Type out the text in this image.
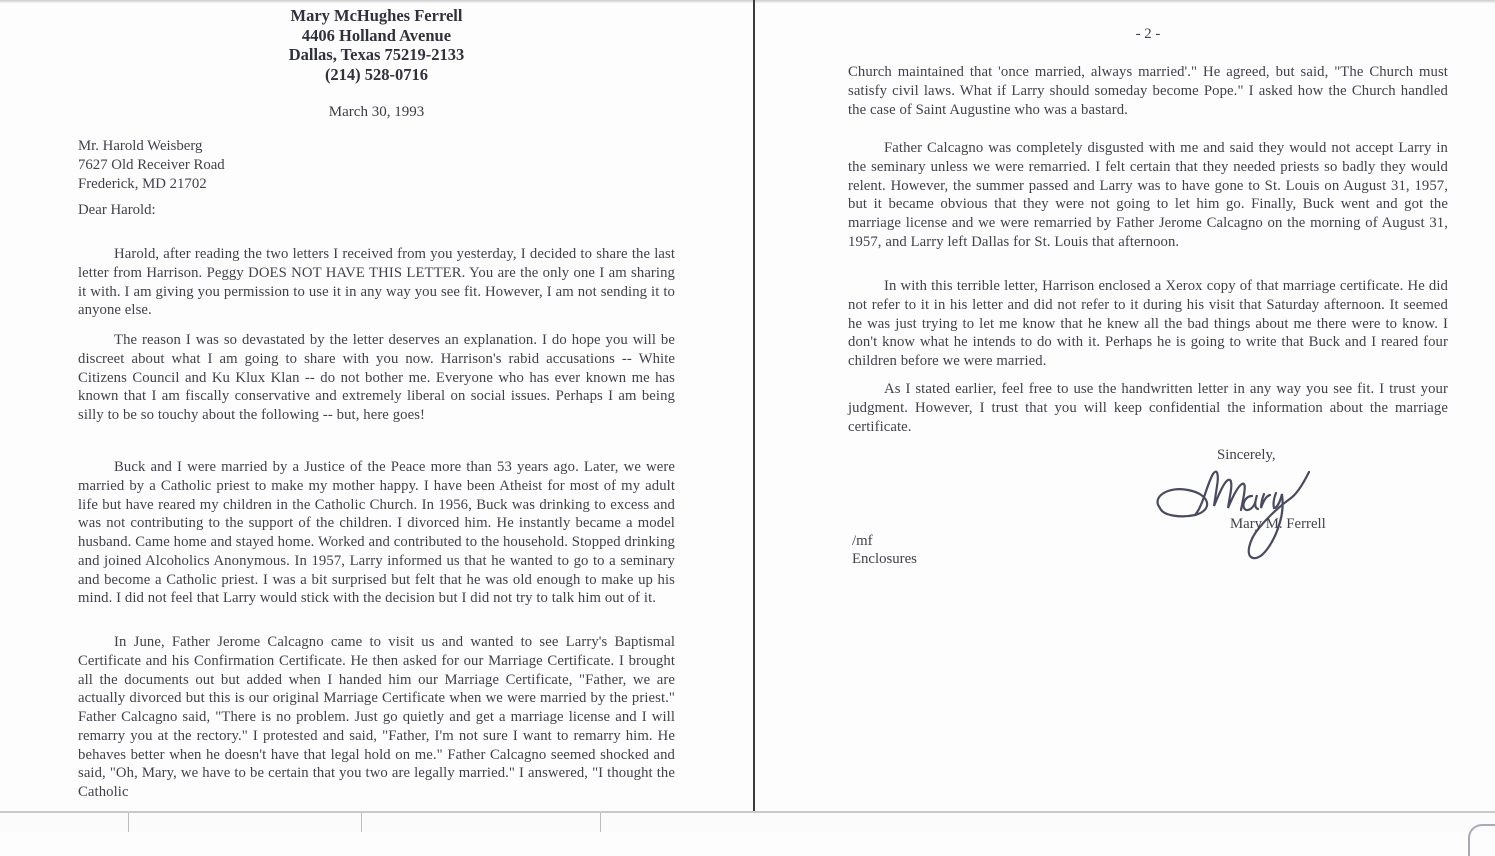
Mary McHughes Ferrell
4406 Holland Avenue
Dallas, Texas 75219-2133
(214) 528-0716
March 30, 1993
Mr. Harold Weisberg
7627 Old Receiver Road
Frederick, MD 21702
Dear Harold:

Harold, after reading the two letters I received from you yesterday, I decided to share the last letter from Harrison. Peggy DOES NOT HAVE THIS LETTER. You are the only one I am sharing it with. I am giving you permission to use it in any way you see fit. However, I am not sending it to anyone else.

The reason I was so devastated by the letter deserves an explanation. I do hope you will be discreet about what I am going to share with you now. Harrison's rabid accusations -- White Citizens Council and Ku Klux Klan -- do not bother me. Everyone who has ever known me has known that I am fiscally conservative and extremely liberal on social issues. Perhaps I am being silly to be so touchy about the following -- but, here goes!

Buck and I were married by a Justice of the Peace more than 53 years ago. Later, we were married by a Catholic priest to make my mother happy. I have been Atheist for most of my adult life but have reared my children in the Catholic Church. In 1956, Buck was drinking to excess and was not contributing to the support of the children. I divorced him. He instantly became a model husband. Came home and stayed home. Worked and contributed to the household. Stopped drinking and joined Alcoholics Anonymous. In 1957, Larry informed us that he wanted to go to a seminary and become a Catholic priest. I was a bit surprised but felt that he was old enough to make up his mind. I did not feel that Larry would stick with the decision but I did not try to talk him out of it.

In June, Father Jerome Calcagno came to visit us and wanted to see Larry's Baptismal Certificate and his Confirmation Certificate. He then asked for our Marriage Certificate. I brought all the documents out but added when I handed him our Marriage Certificate, "Father, we are actually divorced but this is our original Marriage Certificate when we were married by the priest." Father Calcagno said, "There is no problem. Just go quietly and get a marriage license and I will remarry you at the rectory." I protested and said, "Father, I'm not sure I want to remarry him. He behaves better when he doesn't have that legal hold on me." Father Calcagno seemed shocked and said, "Oh, Mary, we have to be certain that you two are legally married." I answered, "I thought the Catholic

- 2 -

Church maintained that 'once married, always married'." He agreed, but said, "The Church must satisfy civil laws. What if Larry should someday become Pope." I asked how the Church handled the case of Saint Augustine who was a bastard.

Father Calcagno was completely disgusted with me and said they would not accept Larry in the seminary unless we were remarried. I felt certain that they needed priests so badly they would relent. However, the summer passed and Larry was to have gone to St. Louis on August 31, 1957, but it became obvious that they were not going to let him go. Finally, Buck went and got the marriage license and we were remarried by Father Jerome Calcagno on the morning of August 31, 1957, and Larry left Dallas for St. Louis that afternoon.

In with this terrible letter, Harrison enclosed a Xerox copy of that marriage certificate. He did not refer to it in his letter and did not refer to it during his visit that Saturday afternoon. It seemed he was just trying to let me know that he knew all the bad things about me there were to know. I don't know what he intends to do with it. Perhaps he is going to write that Buck and I reared four children before we were married.

As I stated earlier, feel free to use the handwritten letter in any way you see fit. I trust your judgment. However, I trust that you will keep confidential the information about the marriage certificate.

Sincerely,
Mary M. Ferrell
/mf
Enclosures
